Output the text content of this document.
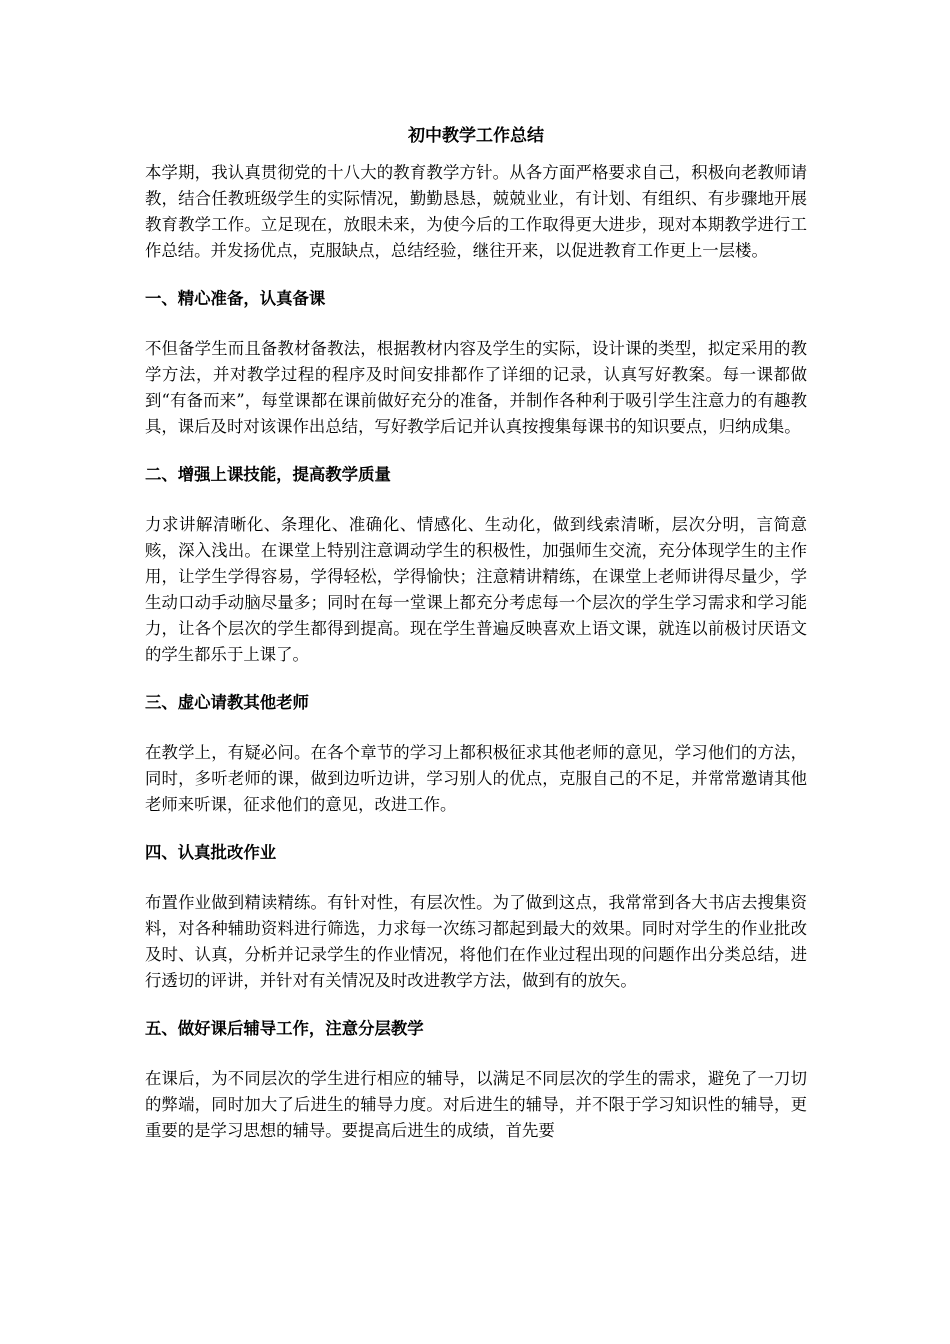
初中教学工作总结
本学期，我认真贯彻党的十八大的教育教学方针。从各方面严格要求自己，积极向老教师请教，结合任教班级学生的实际情况，勤勤恳恳，兢兢业业，有计划、有组织、有步骤地开展教育教学工作。立足现在，放眼未来，为使今后的工作取得更大进步，现对本期教学进行工作总结。并发扬优点，克服缺点，总结经验，继往开来，以促进教育工作更上一层楼。
一、精心准备，认真备课
不但备学生而且备教材备教法，根据教材内容及学生的实际，设计课的类型，拟定采用的教学方法，并对教学过程的程序及时间安排都作了详细的记录，认真写好教案。每一课都做到“有备而来”，每堂课都在课前做好充分的准备，并制作各种利于吸引学生注意力的有趣教具，课后及时对该课作出总结，写好教学后记并认真按搜集每课书的知识要点，归纳成集。
二、增强上课技能，提高教学质量
力求讲解清晰化、条理化、准确化、情感化、生动化，做到线索清晰，层次分明，言简意赅，深入浅出。在课堂上特别注意调动学生的积极性，加强师生交流，充分体现学生的主作用，让学生学得容易，学得轻松，学得愉快；注意精讲精练，在课堂上老师讲得尽量少，学生动口动手动脑尽量多；同时在每一堂课上都充分考虑每一个层次的学生学习需求和学习能力，让各个层次的学生都得到提高。现在学生普遍反映喜欢上语文课，就连以前极讨厌语文的学生都乐于上课了。
三、虚心请教其他老师
在教学上，有疑必问。在各个章节的学习上都积极征求其他老师的意见，学习他们的方法，同时，多听老师的课，做到边听边讲，学习别人的优点，克服自己的不足，并常常邀请其他老师来听课，征求他们的意见，改进工作。
四、认真批改作业
布置作业做到精读精练。有针对性，有层次性。为了做到这点，我常常到各大书店去搜集资料，对各种辅助资料进行筛选，力求每一次练习都起到最大的效果。同时对学生的作业批改及时、认真，分析并记录学生的作业情况，将他们在作业过程出现的问题作出分类总结，进行透切的评讲，并针对有关情况及时改进教学方法，做到有的放矢。
五、做好课后辅导工作，注意分层教学
在课后，为不同层次的学生进行相应的辅导，以满足不同层次的学生的需求，避免了一刀切的弊端，同时加大了后进生的辅导力度。对后进生的辅导，并不限于学习知识性的辅导，更重要的是学习思想的辅导。要提高后进生的成绩，首先要
